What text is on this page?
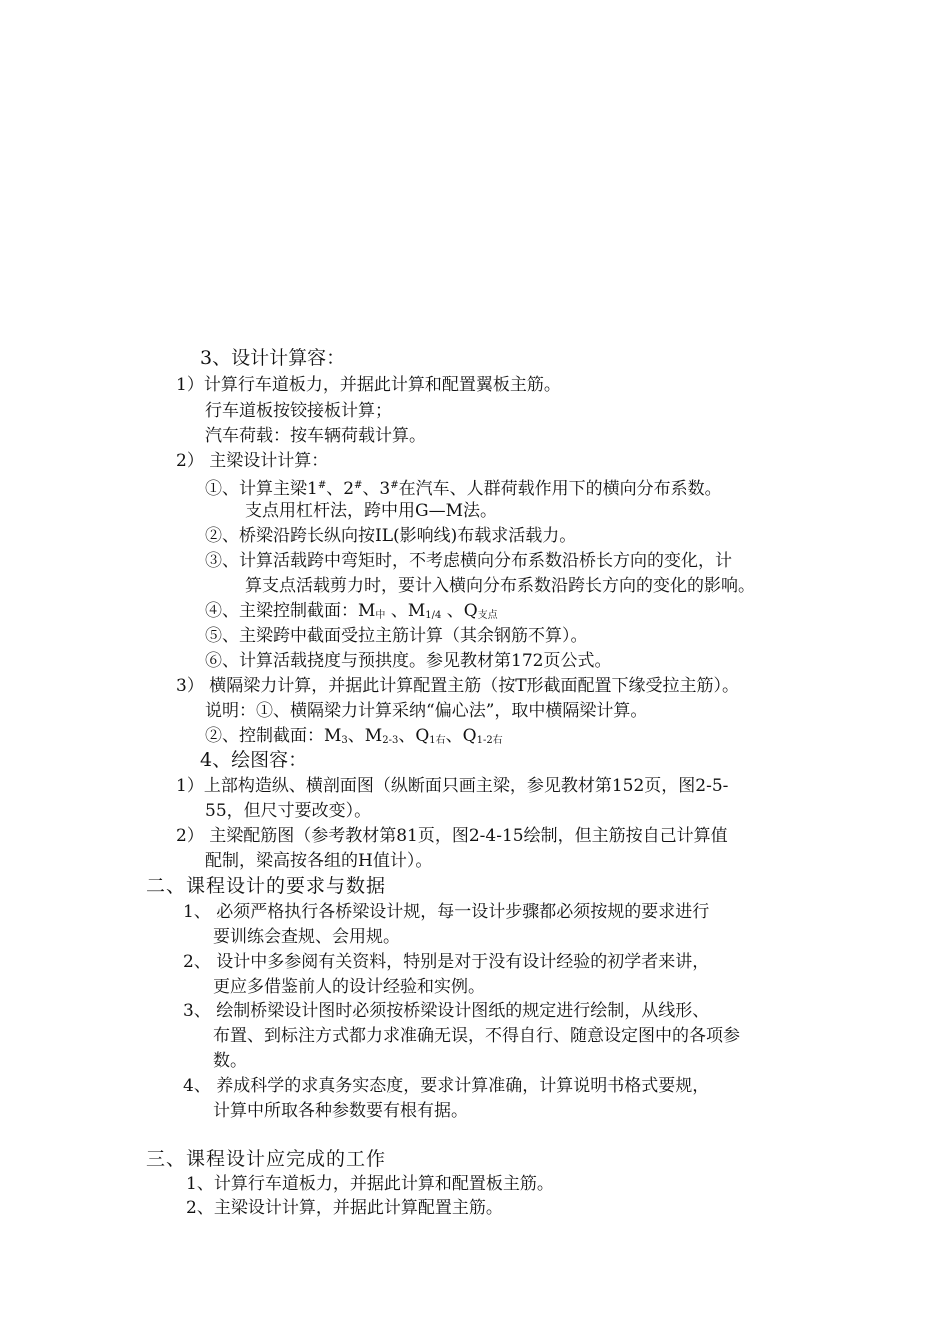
3、设计计算容：
1）计算行车道板力，并据此计算和配置翼板主筋。
行车道板按铰接板计算；
汽车荷载：按车辆荷载计算。
2） 主梁设计计算：
①、计算主梁1#、2#、3#在汽车、人群荷载作用下的横向分布系数。
支点用杠杆法，跨中用G—M法。
②、桥梁沿跨长纵向按IL(影响线)布载求活载力。
③、计算活载跨中弯矩时，不考虑横向分布系数沿桥长方向的变化，计
算支点活载剪力时，要计入横向分布系数沿跨长方向的变化的影响。
④、主梁控制截面：$M_中$ 、$M_{1/4}$ 、$Q_{支点}$
⑤、主梁跨中截面受拉主筋计算（其余钢筋不算）。
⑥、计算活载挠度与预拱度。参见教材第172页公式。
3） 横隔梁力计算，并据此计算配置主筋（按T形截面配置下缘受拉主筋）。
说明：①、横隔梁力计算采纳“偏心法”，取中横隔梁计算。
②、控制截面：$M_3$、$M_{2-3}$、$Q_{1右}$、$Q_{1-2右}$
4、绘图容：
1）上部构造纵、横剖面图（纵断面只画主梁，参见教材第152页，图2-5-
55，但尺寸要改变）。
2） 主梁配筋图（参考教材第81页，图2-4-15绘制，但主筋按自己计算值
配制，梁高按各组的H值计）。
二、课程设计的要求与数据
1、 必须严格执行各桥梁设计规，每一设计步骤都必须按规的要求进行
要训练会查规、会用规。
2、 设计中多参阅有关资料，特别是对于没有设计经验的初学者来讲，
更应多借鉴前人的设计经验和实例。
3、 绘制桥梁设计图时必须按桥梁设计图纸的规定进行绘制，从线形、
布置、到标注方式都力求准确无误，不得自行、随意设定图中的各项参
数。
4、 养成科学的求真务实态度，要求计算准确，计算说明书格式要规，
计算中所取各种参数要有根有据。
三、课程设计应完成的工作
1、计算行车道板力，并据此计算和配置板主筋。
2、主梁设计计算，并据此计算配置主筋。
